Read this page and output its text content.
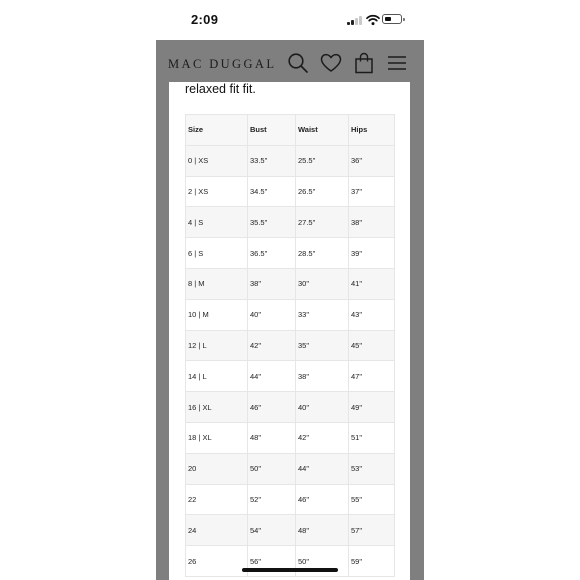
2:09
MAC DUGGAL
relaxed fit fit.
Size	Bust	Waist	Hips
0 | XS	33.5"	25.5"	36"
2 | XS	34.5"	26.5"	37"
4 | S	35.5"	27.5"	38"
6 | S	36.5"	28.5"	39"
8 | M	38"	30"	41"
10 | M	40"	33"	43"
12 | L	42"	35"	45"
14 | L	44"	38"	47"
16 | XL	46"	40"	49"
18 | XL	48"	42"	51"
20	50"	44"	53"
22	52"	46"	55"
24	54"	48"	57"
26	56"	50"	59"
